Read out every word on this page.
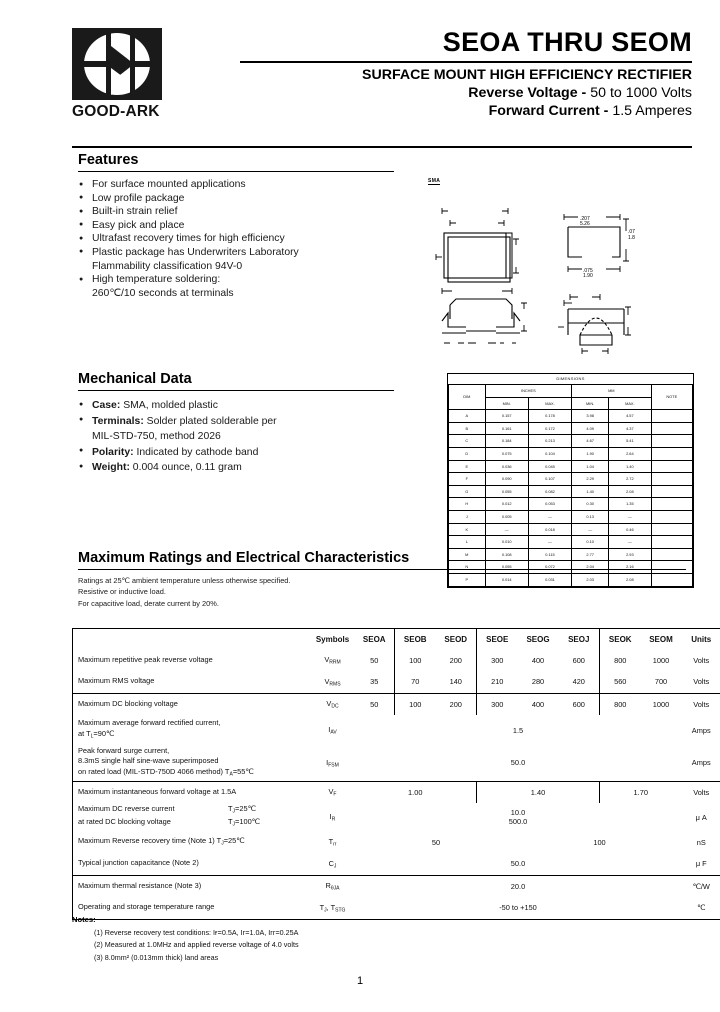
GOOD-ARK
SEOA THRU SEOM
SURFACE MOUNT HIGH EFFICIENCY RECTIFIER
Reverse Voltage - 50 to 1000 Volts
Forward Current - 1.5 Amperes
Features
● For surface mounted applications
● Low profile package
● Built-in strain relief
● Easy pick and place
● Ultrafast recovery times for high efficiency
● Plastic package has Underwriters Laboratory
Flammability classification 94V-0
● High temperature soldering:
260℃/10 seconds at terminals
Mechanical Data
● Case: SMA, molded plastic
● Terminals: Solder plated solderable per
MIL-STD-750, method 2026
● Polarity: Indicated by cathode band
● Weight: 0.004 ounce, 0.11 gram
SMA
.207
5.26
.075
1.90
.07
1.8
DIMENSIONS					
DIM	INCHES		MM		NOTE
	MIN.	MAX.	MIN.	MAX.	
A	0.157	0.178	3.98	4.57	
B	0.161	0.172	4.09	4.37	
C	0.184	0.213	4.67	5.41	
D	0.075	0.104	1.90	2.64	
E	0.036	0.045	1.04	1.40	
F	0.090	0.107	2.29	2.72	
G	0.055	0.082	1.40	2.08	
H	0.012	0.053	0.30	1.35	
J	0.005	—	0.13	—	
K	—	0.018	—	0.46	
L	0.010	—	0.10	—	
M	0.108	0.115	2.77	2.93	
N	0.055	0.072	2.04	2.16	
P	0.014	0.031	2.03	2.08	
Maximum Ratings and Electrical Characteristics
Ratings at 25℃ ambient temperature unless otherwise specified.
Resistive or inductive load.
For capacitive load, derate current by 20%.
	Symbols	SEOA	SEOB	SEOD	SEOE	SEOG	SEOJ	SEOK	SEOM	Units
Maximum repetitive peak reverse voltage	$V_{RRM}$	50	100	200	300	400	600	800	1000	Volts
Maximum RMS voltage	$V_{RMS}$	35	70	140	210	280	420	560	700	Volts
Maximum DC blocking voltage	$V_{DC}$	50	100	200	300	400	600	800	1000	Volts
Maximum average forward rectified current,
at $T_L=90℃$	$I_{AV}$	1.5								Amps
Peak forward surge current,
8.3mS single half sine-wave superimposed
on rated load (MIL-STD-750D 4066 method) $T_A=55℃$	$I_{FSM}$	50.0								Amps
Maximum instantaneous forward voltage at 1.5A	$V_F$	1.00			1.40			1.70		Volts
Maximum DC reverse current $T_J=25℃$
at rated DC blocking voltage $T_J=100℃$	$I_R$	10.0
500.0								μ A
Maximum Reverse recovery time (Note 1) $T_J=25℃$	$T_{rr}$	50				100				nS
Typical junction capacitance (Note 2)	$C_J$	50.0								μ F
Maximum thermal resistance (Note 3)	$R_{\theta JA}$	20.0								℃/W
Operating and storage temperature range	$T_J$, $T_{STG}$	-50 to +150								℃
Notes:
(1) Reverse recovery test conditions: Iғ=0.5A, Iг=1.0A, Iгг=0.25A
(2) Measured at 1.0MHz and applied reverse voltage of 4.0 volts
(3) 8.0mm² (0.013mm thick) land areas
1
